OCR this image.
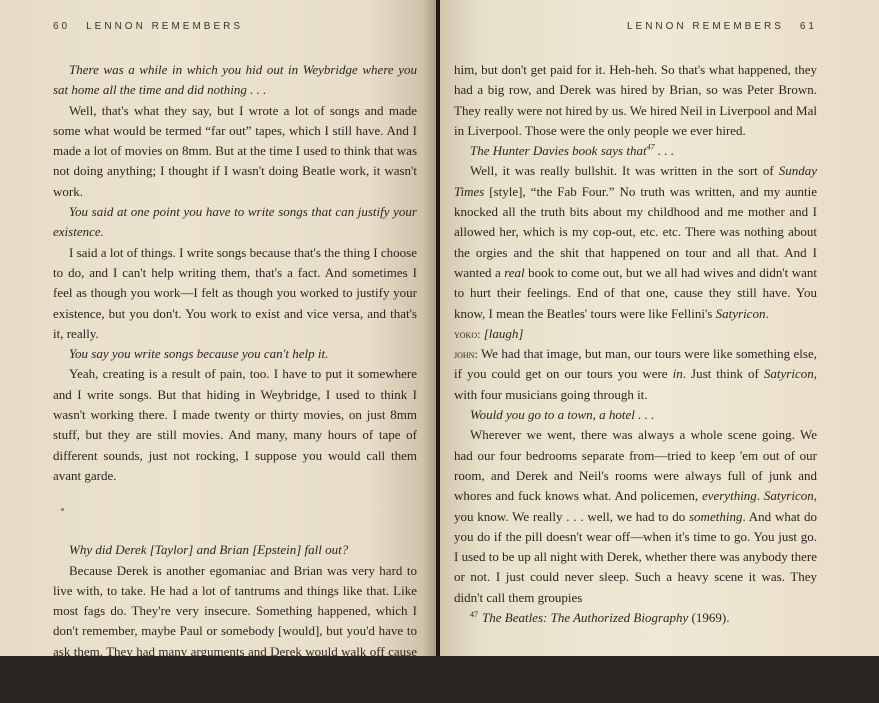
60 LENNON REMEMBERS

There was a while in which you hid out in Weybridge where you sat home all the time and did nothing . . .

Well, that's what they say, but I wrote a lot of songs and made some what would be termed “far out” tapes, which I still have. And I made a lot of movies on 8mm. But at the time I used to think that was not doing anything; I thought if I wasn't doing Beatle work, it wasn't work.

You said at one point you have to write songs that can justify your existence.

I said a lot of things. I write songs because that's the thing I choose to do, and I can't help writing them, that's a fact. And sometimes I feel as though you work—I felt as though you worked to justify your existence, but you don't. You work to exist and vice versa, and that's it, really.

You say you write songs because you can't help it.

Yeah, creating is a result of pain, too. I have to put it somewhere and I write songs. But that hiding in Weybridge, I used to think I wasn't working there. I made twenty or thirty movies, on just 8mm stuff, but they are still movies. And many, many hours of tape of different sounds, just not rocking, I suppose you would call them avant garde.

Why did Derek [Taylor] and Brian [Epstein] fall out?

Because Derek is another egomaniac and Brian was very hard to live with, to take. He had a lot of tantrums and things like that. Like most fags do. They're very insecure. Something happened, which I don't remember, maybe Paul or somebody [would], but you'd have to ask them. They had many arguments and Derek would walk off cause he was too proud to do certain jobs. It's the same now. And I don't blame

LENNON REMEMBERS 61

him, but don't get paid for it. Heh-heh. So that's what happened, they had a big row, and Derek was hired by Brian, so was Peter Brown. They really were not hired by us. We hired Neil in Liverpool and Mal in Liverpool. Those were the only people we ever hired.

The Hunter Davies book says that$^{47}$ . . .

Well, it was really bullshit. It was written in the sort of Sunday Times [style], “the Fab Four.” No truth was written, and my auntie knocked all the truth bits about my childhood and me mother and I allowed her, which is my cop-out, etc. etc. There was nothing about the orgies and the shit that happened on tour and all that. And I wanted a real book to come out, but we all had wives and didn't want to hurt their feelings. End of that one, cause they still have. You know, I mean the Beatles' tours were like Fellini's Satyricon.

yoko: [laugh]

john: We had that image, but man, our tours were like something else, if you could get on our tours you were in. Just think of Satyricon, with four musicians going through it.

Would you go to a town, a hotel . . .

Wherever we went, there was always a whole scene going. We had our four bedrooms separate from—tried to keep 'em out of our room, and Derek and Neil's rooms were always full of junk and whores and fuck knows what. And policemen, everything. Satyricon, you know. We really . . . well, we had to do something. And what do you do if the pill doesn't wear off—when it's time to go. You just go. I used to be up all night with Derek, whether there was anybody there or not. I just could never sleep. Such a heavy scene it was. They didn't call them groupies

$^{47}$ The Beatles: The Authorized Biography (1969).
